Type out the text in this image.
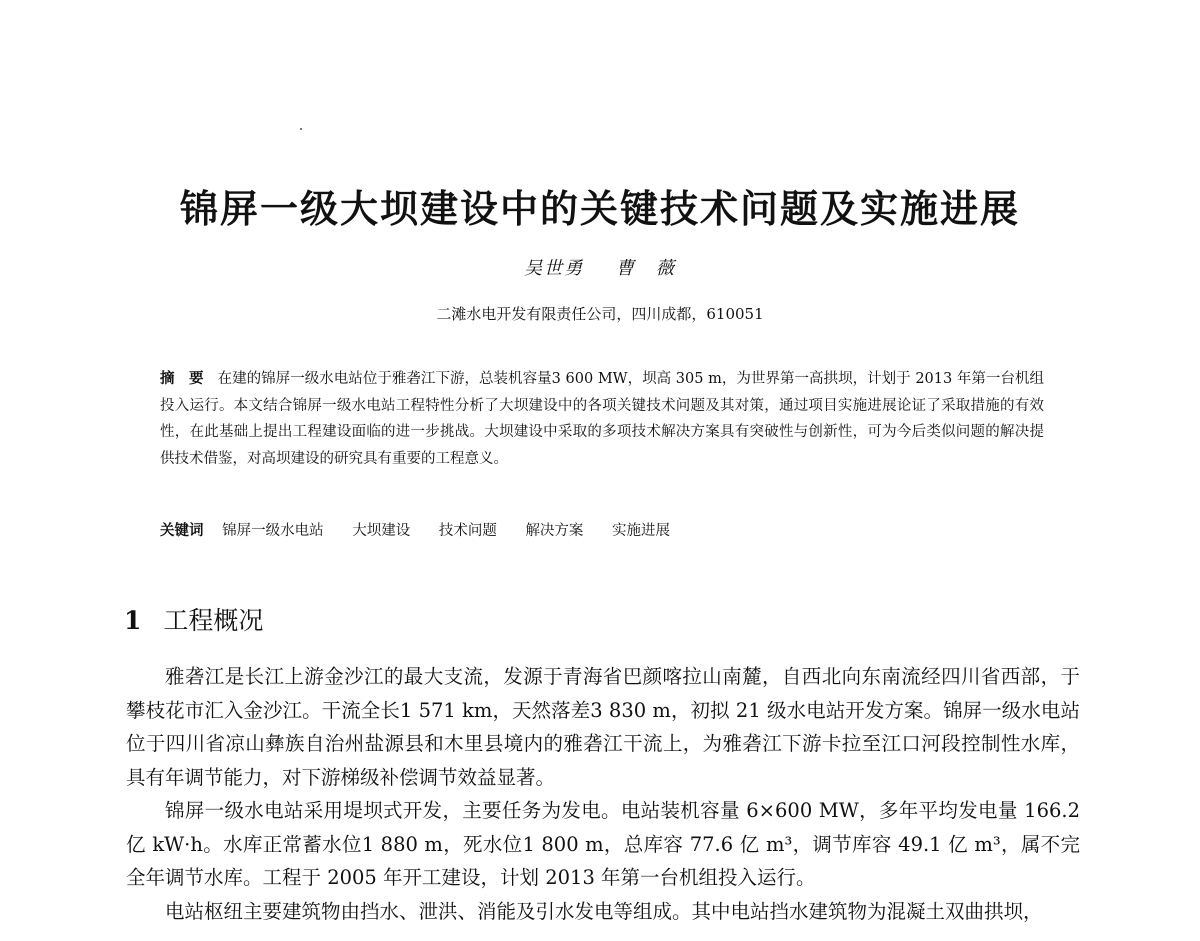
锦屏一级大坝建设中的关键技术问题及实施进展
吴世勇 曹　薇
二滩水电开发有限责任公司，四川成都，610051
摘　要 在建的锦屏一级水电站位于雅砻江下游，总装机容量3 600 MW，坝高 305 m，为世界第一高拱坝，计划于 2013 年第一台机组投入运行。本文结合锦屏一级水电站工程特性分析了大坝建设中的各项关键技术问题及其对策，通过项目实施进展论证了采取措施的有效性，在此基础上提出工程建设面临的进一步挑战。大坝建设中采取的多项技术解决方案具有突破性与创新性，可为今后类似问题的解决提供技术借鉴，对高坝建设的研究具有重要的工程意义。
关键词 锦屏一级水电站 大坝建设 技术问题 解决方案 实施进展
1 工程概况

雅砻江是长江上游金沙江的最大支流，发源于青海省巴颜喀拉山南麓，自西北向东南流经四川省西部，于攀枝花市汇入金沙江。干流全长1 571 km，天然落差3 830 m，初拟 21 级水电站开发方案。锦屏一级水电站位于四川省凉山彝族自治州盐源县和木里县境内的雅砻江干流上，为雅砻江下游卡拉至江口河段控制性水库，具有年调节能力，对下游梯级补偿调节效益显著。

锦屏一级水电站采用堤坝式开发，主要任务为发电。电站装机容量 6×600 MW，多年平均发电量 166.2 亿 kW·h。水库正常蓄水位1 880 m，死水位1 800 m，总库容 77.6 亿 m³，调节库容 49.1 亿 m³，属不完全年调节水库。工程于 2005 年开工建设，计划 2013 年第一台机组投入运行。

电站枢纽主要建筑物由挡水、泄洪、消能及引水发电等组成。其中电站挡水建筑物为混凝土双曲拱坝，
